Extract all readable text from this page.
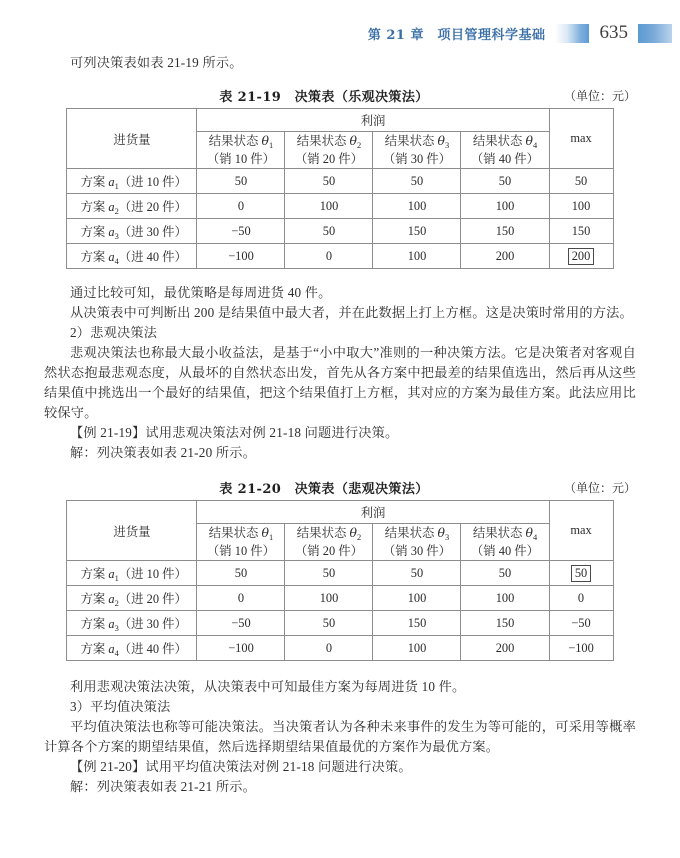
第 21 章　项目管理科学基础	635

可列决策表如表 21-19 所示。

表 21-19　决策表（乐观决策法）	（单位：元）
进货量	利润				max
	结果状态 $\theta_1$
（销 10 件）	结果状态 $\theta_2$
（销 20 件）	结果状态 $\theta_3$
（销 30 件）	结果状态 $\theta_4$
（销 40 件）	
方案 $a_1$（进 10 件）	50	50	50	50	50
方案 $a_2$（进 20 件）	0	100	100	100	100
方案 $a_3$（进 30 件）	−50	50	150	150	150
方案 $a_4$（进 40 件）	−100	0	100	200	200

通过比较可知，最优策略是每周进货 40 件。

从决策表中可判断出 200 是结果值中最大者，并在此数据上打上方框。这是决策时常用的方法。

2）悲观决策法

悲观决策法也称最大最小收益法，是基于“小中取大”准则的一种决策方法。它是决策者对客观自然状态抱最悲观态度，从最坏的自然状态出发，首先从各方案中把最差的结果值选出，然后再从这些结果值中挑选出一个最好的结果值，把这个结果值打上方框，其对应的方案为最佳方案。此法应用比较保守。

【例 21-19】试用悲观决策法对例 21-18 问题进行决策。

解：列决策表如表 21-20 所示。

表 21-20　决策表（悲观决策法）	（单位：元）
进货量	利润				max
	结果状态 $\theta_1$
（销 10 件）	结果状态 $\theta_2$
（销 20 件）	结果状态 $\theta_3$
（销 30 件）	结果状态 $\theta_4$
（销 40 件）	
方案 $a_1$（进 10 件）	50	50	50	50	50
方案 $a_2$（进 20 件）	0	100	100	100	0
方案 $a_3$（进 30 件）	−50	50	150	150	−50
方案 $a_4$（进 40 件）	−100	0	100	200	−100

利用悲观决策法决策，从决策表中可知最佳方案为每周进货 10 件。

3）平均值决策法

平均值决策法也称等可能决策法。当决策者认为各种未来事件的发生为等可能的，可采用等概率计算各个方案的期望结果值，然后选择期望结果值最优的方案作为最优方案。

【例 21-20】试用平均值决策法对例 21-18 问题进行决策。

解：列决策表如表 21-21 所示。
